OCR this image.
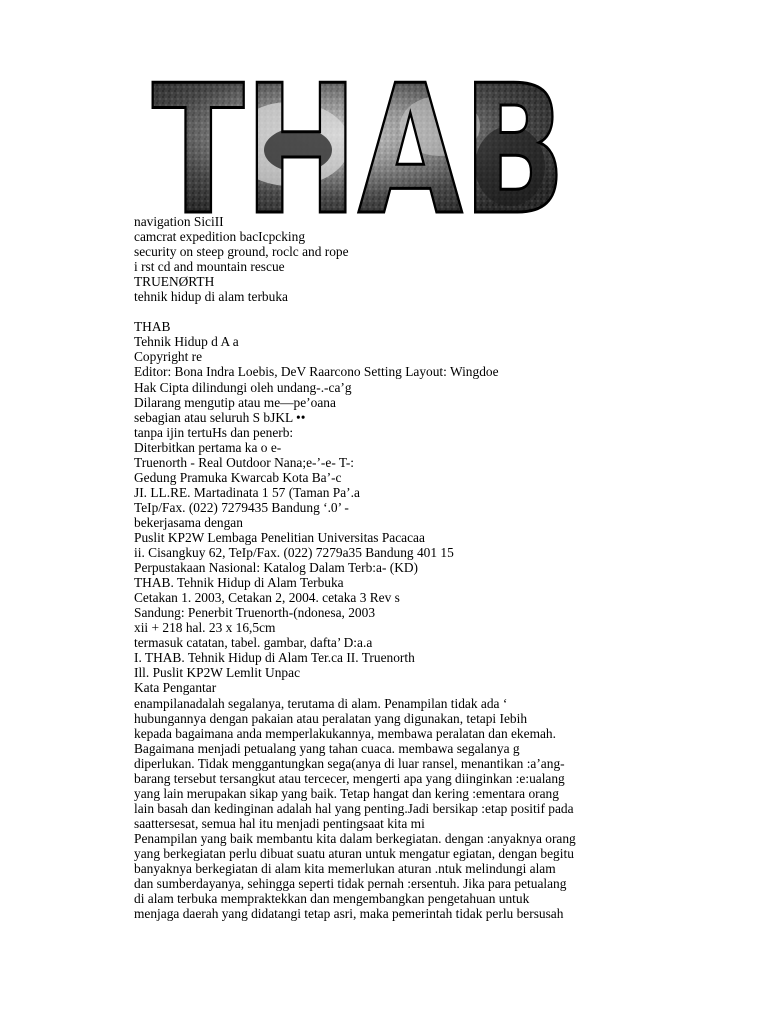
THAB
navigation SiciII
camcrat expedition bacIcpcking
security on steep ground, roclc and rope
i rst cd and mountain rescue
TRUENØRTH
tehnik hidup di alam terbuka
THAB
Tehnik Hidup d A a
Copyright re
Editor: Bona Indra Loebis, DeV Raarcono Setting Layout: Wingdoe
Hak Cipta dilindungi oleh undang-.-ca’g
Dilarang mengutip atau me—pe’oana
sebagian atau seluruh S bJKL ••
tanpa ijin tertuHs dan penerb:
Diterbitkan pertama ka o e-
Truenorth - Real Outdoor Nana;e-’-e- T-:
Gedung Pramuka Kwarcab Kota Ba’-c
JI. LL.RE. Martadinata 1 57 (Taman Pa’.a
TeIp/Fax. (022) 7279435 Bandung ‘.0’ -
bekerjasama dengan
Puslit KP2W Lembaga Penelitian Universitas Pacacaa
ii. Cisangkuy 62, TeIp/Fax. (022) 7279a35 Bandung 401 15
Perpustakaan Nasional: Katalog Dalam Terb:a- (KD)
THAB. Tehnik Hidup di Alam Terbuka
Cetakan 1. 2003, Cetakan 2, 2004. cetaka 3 Rev s
Sandung: Penerbit Truenorth-(ndonesa, 2003
xii + 218 hal. 23 x 16,5cm
termasuk catatan, tabel. gambar, dafta’ D:a.a
I. THAB. Tehnik Hidup di Alam Ter.ca II. Truenorth
Ill. Puslit KP2W Lemlit Unpac
Kata Pengantar
enampilanadalah segalanya, terutama di alam. Penampilan tidak ada ‘
hubungannya dengan pakaian atau peralatan yang digunakan, tetapi Iebih
kepada bagaimana anda memperlakukannya, membawa peralatan dan ekemah.
Bagaimana menjadi petualang yang tahan cuaca. membawa segalanya g
diperlukan. Tidak menggantungkan sega(anya di luar ransel, menantikan :a’ang-
barang tersebut tersangkut atau tercecer, mengerti apa yang diinginkan :e:ualang
yang lain merupakan sikap yang baik. Tetap hangat dan kering :ementara orang
lain basah dan kedinginan adalah hal yang penting.Jadi bersikap :etap positif pada
saattersesat, semua hal itu menjadi pentingsaat kita mi
Penampilan yang baik membantu kita dalam berkegiatan. dengan :anyaknya orang
yang berkegiatan perlu dibuat suatu aturan untuk mengatur egiatan, dengan begitu
banyaknya berkegiatan di alam kita memerlukan aturan .ntuk melindungi alam
dan sumberdayanya, sehingga seperti tidak pernah :ersentuh. Jika para petualang
di alam terbuka mempraktekkan dan mengembangkan pengetahuan untuk
menjaga daerah yang didatangi tetap asri, maka pemerintah tidak perlu bersusah
